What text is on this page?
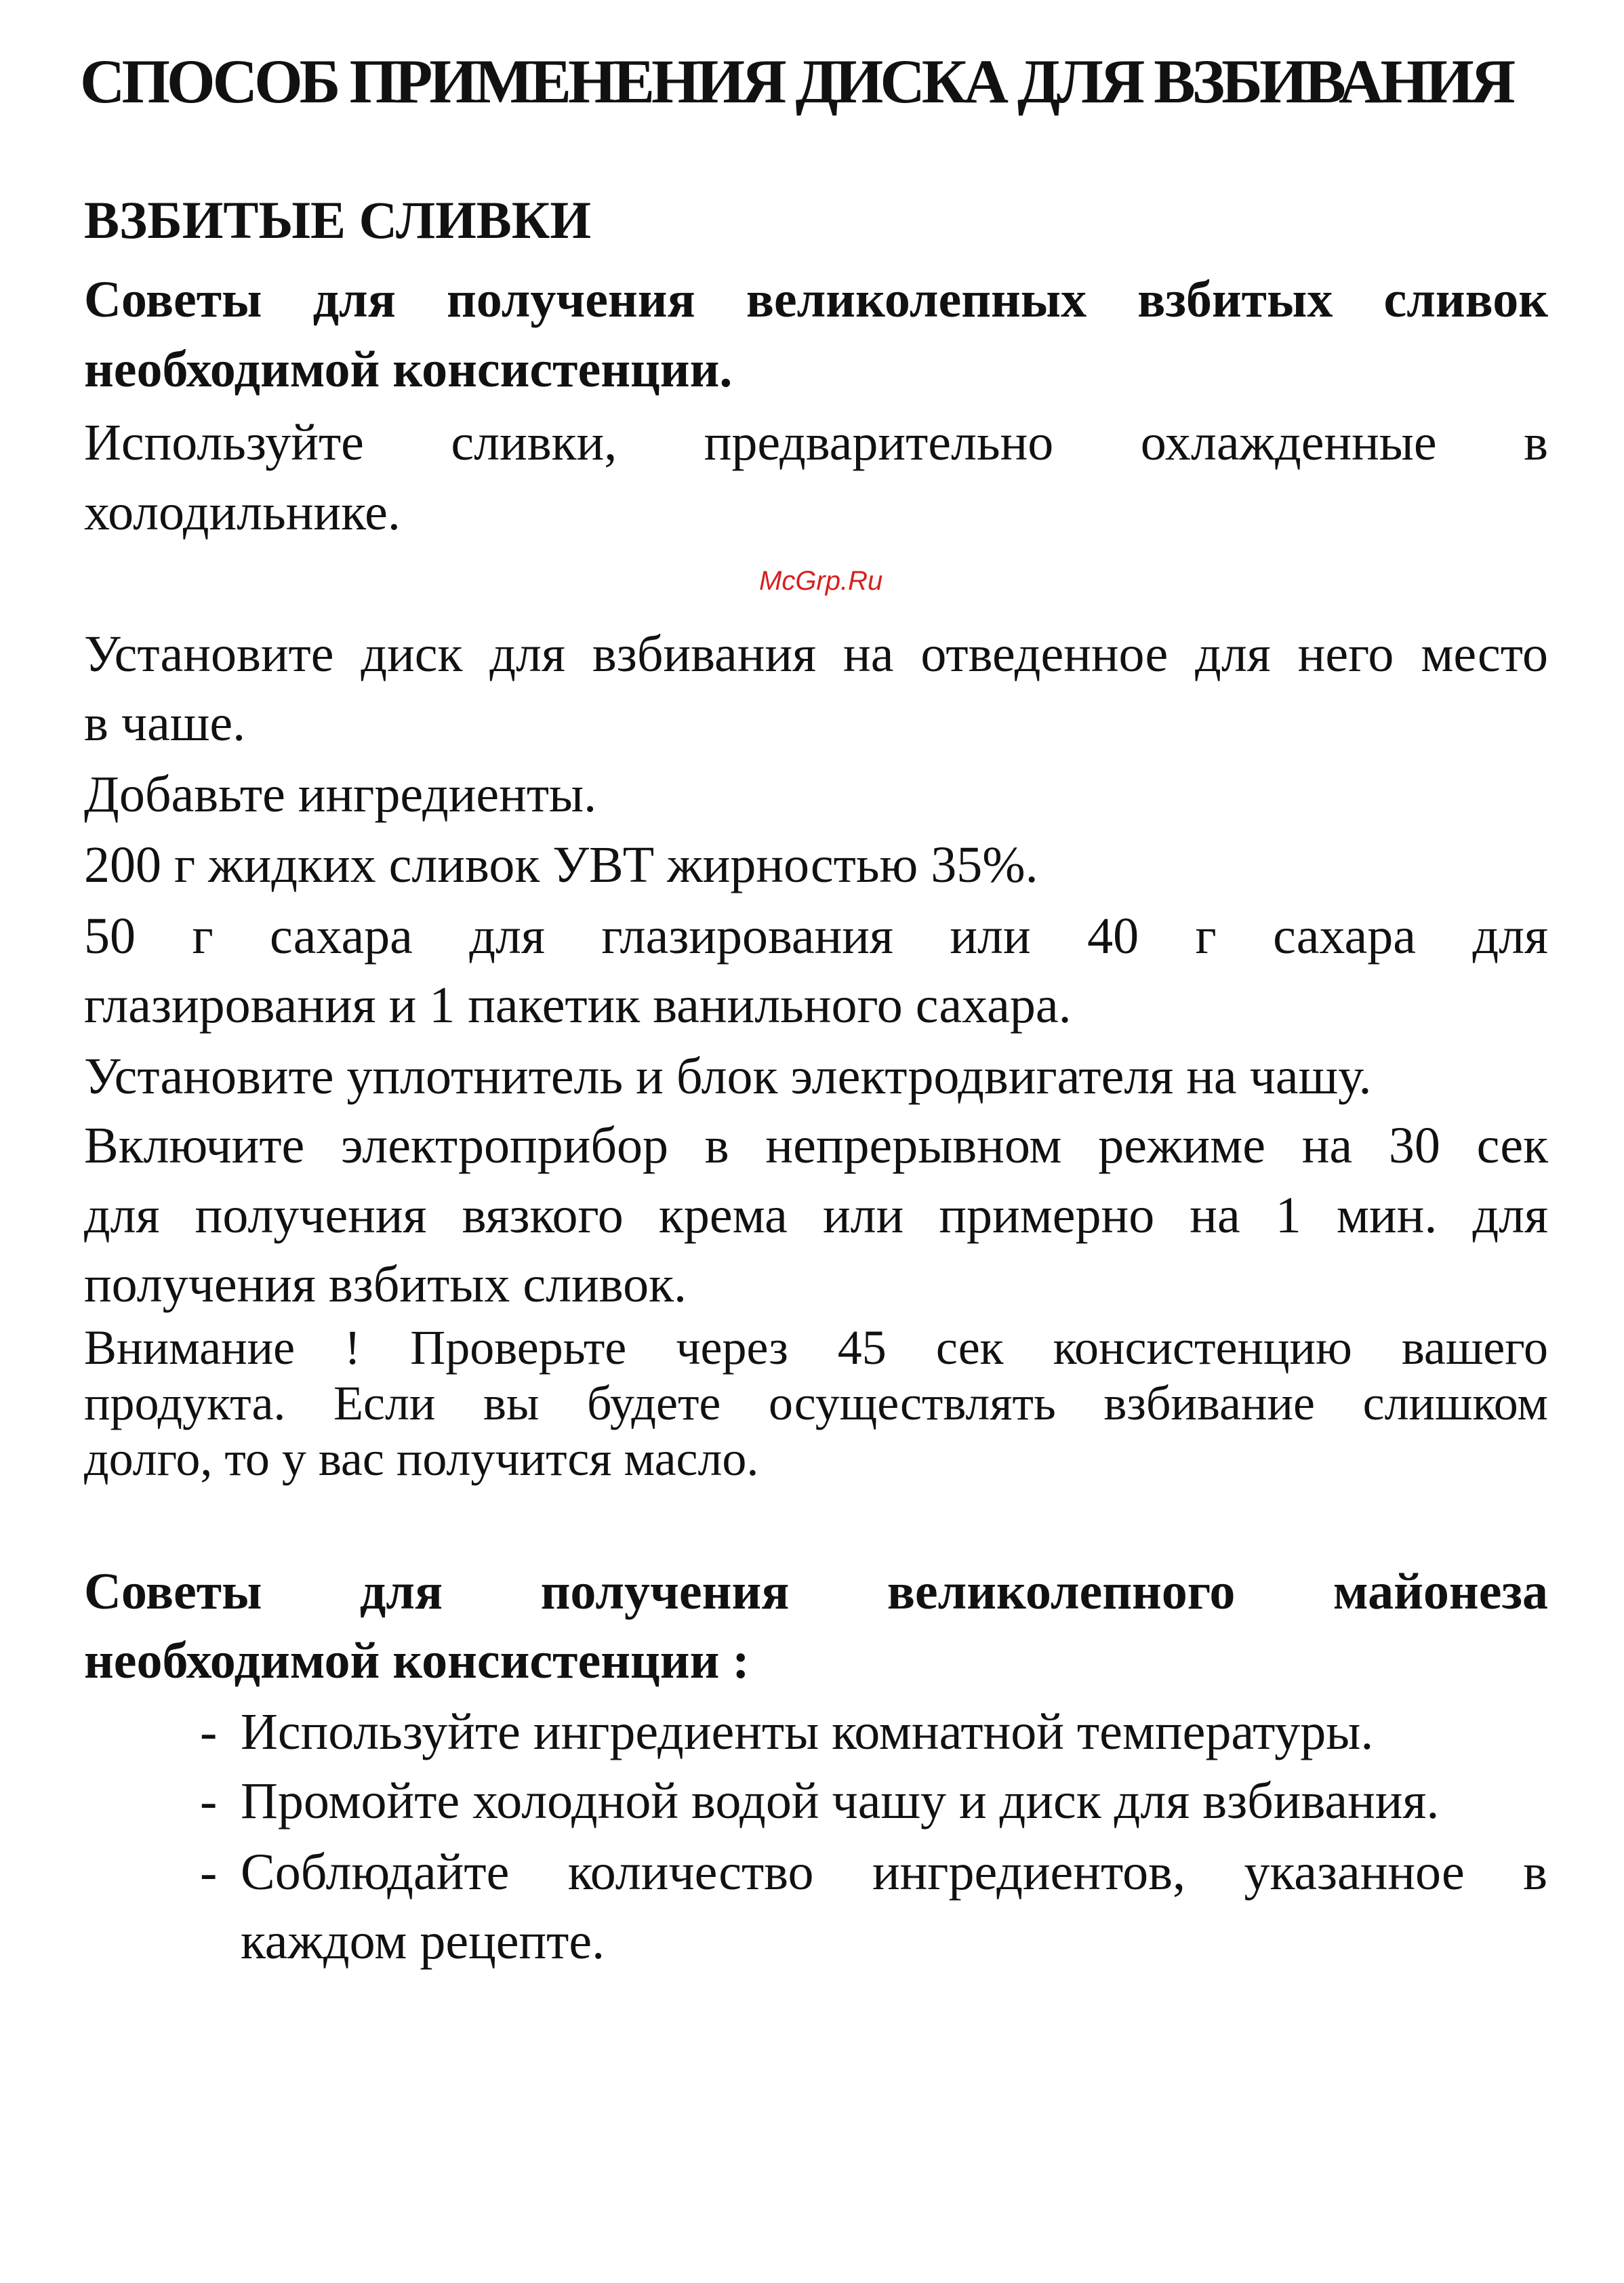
СПОСОБ ПРИМЕНЕНИЯ ДИСКА ДЛЯ ВЗБИВАНИЯ
ВЗБИТЫЕ СЛИВКИ
Советы для получения великолепных взбитых сливок
необходимой консистенции.
Используйте сливки, предварительно охлажденные в
холодильнике.
McGrp.Ru
Установите диск для взбивания на отведенное для него место
в чаше.
Добавьте ингредиенты.
200 г жидких сливок УВТ жирностью 35%.
50 г сахара для глазирования или 40 г сахара для
глазирования и 1 пакетик ванильного сахара.
Установите уплотнитель и блок электродвигателя на чашу.
Включите электроприбор в непрерывном режиме на 30 сек
для получения вязкого крема или примерно на 1 мин. для
получения взбитых сливок.
Внимание ! Проверьте через 45 сек консистенцию вашего
продукта. Если вы будете осуществлять взбивание слишком
долго, то у вас получится масло.
Советы для получения великолепного майонеза
необходимой консистенции :
- Используйте ингредиенты комнатной температуры.
- Промойте холодной водой чашу и диск для взбивания.
- Соблюдайте количество ингредиентов, указанное в
каждом рецепте.
